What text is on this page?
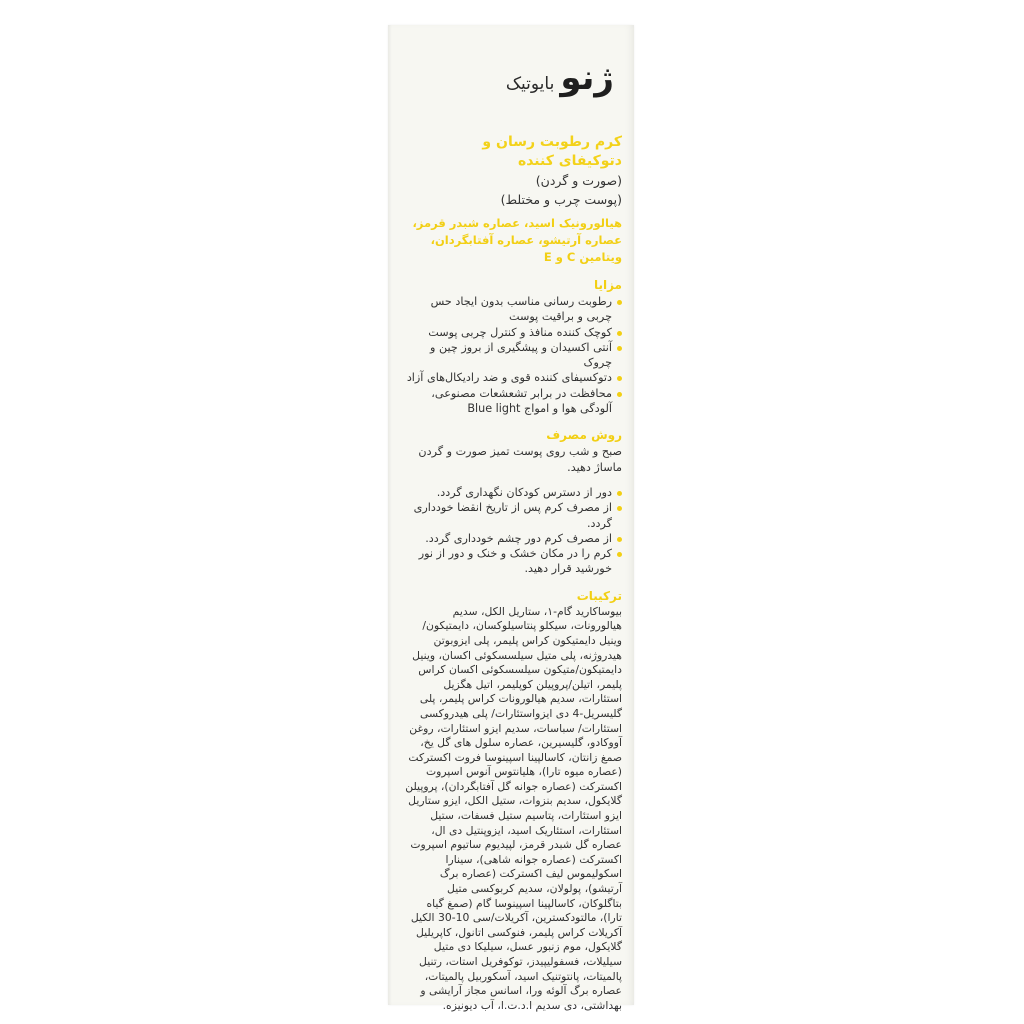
بایوتیک ژنو
کرم رطوبت رسان و
دتوکیفای کننده
(صورت و گردن)
(پوست چرب و مختلط)
هیالورونیک اسید، عصاره شبدر قرمز،
عصاره آرتیشو، عصاره آفتابگردان،
ویتامین C و E
مزایا
رطوبت رسانی مناسب بدون ایجاد حس چربی و براقیت پوست
کوچک کننده منافذ و کنترل چربی پوست
آنتی اکسیدان و پیشگیری از بروز چین و چروک
دتوکسیفای کننده قوی و ضد رادیکال‌های آزاد
محافظت در برابر تشعشعات مصنوعی، آلودگی هوا و امواج Blue light
روش مصرف
صبح و شب روی پوست تمیز صورت و گردن ماساژ دهید.
دور از دسترس کودکان نگهداری گردد.
از مصرف کرم پس از تاریخ انقضا خودداری گردد.
از مصرف کرم دور چشم خودداری گردد.
کرم را در مکان خشک و خنک و دور از نور خورشید قرار دهید.
ترکیبات
بیوساکارید گام-۱، ستاریل الکل، سدیم هیالورونات، سیکلو پنتاسیلوکسان، دایمتیکون/وینیل دایمتیکون کراس پلیمر، پلی ایزوبوتن هیدروژنه، پلی متیل سیلسسکوئی اکسان، وینیل دایمتیکون/متیکون سیلسسکوئی اکسان کراس پلیمر، اتیلن/پروپیلن کوپلیمر، اتیل هگزیل استئارات، سدیم هیالورونات کراس پلیمر، پلی گلیسریل-4 دی ایزواستئارات/ پلی هیدروکسی استئارات/ سباسات، سدیم ایزو استئارات، روغن آووکادو، گلیسیرین، عصاره سلول های گل یخ، صمغ زانتان، کاسالپینا اسپینوسا فروت اکسترکت (عصاره میوه تارا)، هلیانتوس آنوس اسپروت اکسترکت (عصاره جوانه گل آفتابگردان)، پروپیلن گلایکول، سدیم بنزوات، ستیل الکل، ایزو ستاریل ایزو استئارات، پتاسیم ستیل فسفات، ستیل استئارات، استئاریک اسید، ایزوپنتیل دی ال، عصاره گل شبدر قرمز، لپیدیوم ساتیوم اسپروت اکسترکت (عصاره جوانه شاهی)، سینارا اسکولیموس لیف اکسترکت (عصاره برگ آرتیشو)، پولولان، سدیم کربوکسی متیل بتاگلوکان، کاسالپینا اسپینوسا گام (صمغ گیاه تارا)، مالتودکسترین، آکریلات/سی 10-30 الکیل آکریلات کراس پلیمر، فنوکسی اتانول، کاپریلیل گلایکول، موم زنبور عسل، سیلیکا دی متیل سیلیلات، فسفولیپیدز، توکوفریل استات، رتنیل پالمیتات، پانتوتنیک اسید، آسکوربیل پالمیتات، عصاره برگ آلوئه ورا، اسانس مجاز آرایشی و بهداشتی، دی سدیم ا.د.ت.ا، آب دیونیزه.
